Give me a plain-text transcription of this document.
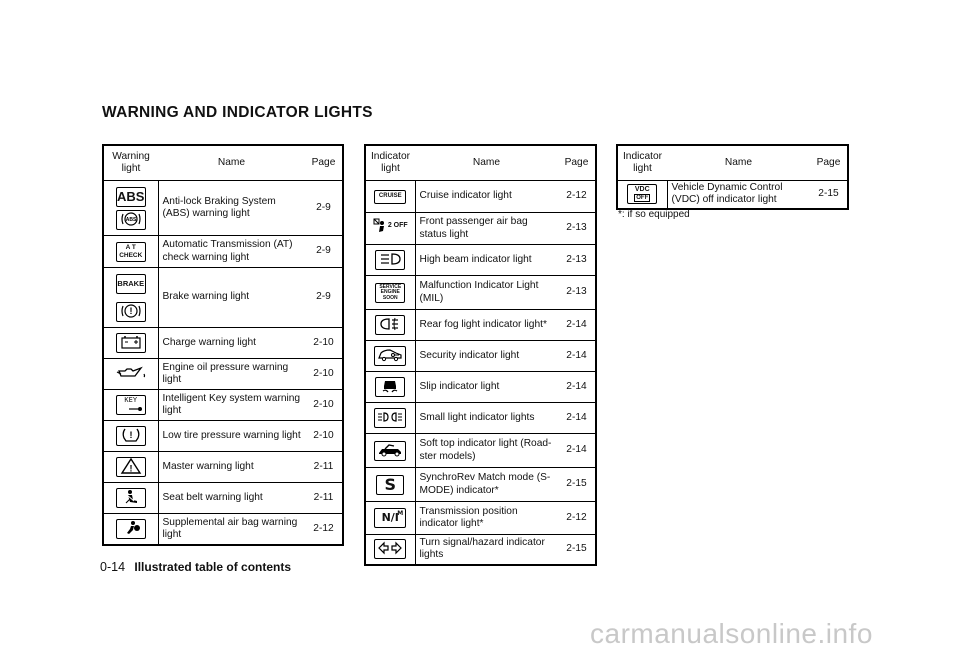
WARNING AND INDICATOR LIGHTS
Warning light	Name	Page

ABS
ABS	Anti-lock Braking System (ABS) warning light	2-9
A T CHECK	Automatic Transmission (AT) check warning light	2-9

BRAKE
!	Brake warning light	2-9

	Charge warning light	2-10
	Engine oil pressure warning light	2-10

KEY	Intelligent Key system warning light	2-10

!	Low tire pressure warning light	2-10

!	Master warning light	2-11

	Seat belt warning light	2-11

	Supplemental air bag warning light	2-12
Indicator light	Name	Page
CRUISE	Cruise indicator light	2-12

2 OFF	Front passenger air bag status light	2-13

	High beam indicator light	2-13
SERVICE ENGINE SOON	Malfunction Indicator Light (MIL)	2-13

	Rear fog light indicator light*	2-14

	Security indicator light	2-14

	Slip indicator light	2-14

	Small light indicator lights	2-14

	Soft top indicator light (Road-ster models)	2-14
S	SynchroRev Match mode (S-MODE) indicator*	2-15
N/I
M	Transmission position indicator light*	2-12

	Turn signal/hazard indicator lights	2-15
Indicator light	Name	Page

VDC
OFF	Vehicle Dynamic Control (VDC) off indicator light	2-15
*: if so equipped
0-14 Illustrated table of contents
carmanualsonline.info
